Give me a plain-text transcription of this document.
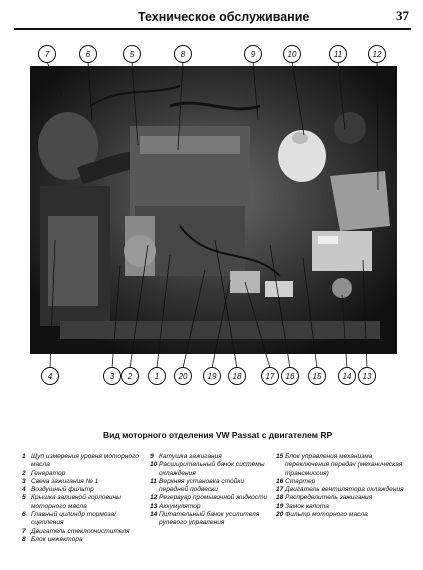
Техническое обслуживание	37
7	6	5	8	9	10	11	12
4	3	2	1	20	19	18	17	16	15	14	13
Вид моторного отделения VW Passat с двигателем RP
1 Щуп измерения уровня моторного масла
2 Генератор
3 Свеча зажигания № 1
4 Воздушный фильтр
5 Крышка заливной горловины моторного масла
6 Главный цилиндр тормоза/сцепления
7 Двигатель стеклоочистителя
8 Блок инжектора
9 Катушка зажигания
10 Расширительный бачок системы охлаждения
11 Верхняя установка стойки передней подвески
12 Резервуар промывочной жидкости
13 Аккумулятор
14 Питательный бачок усилителя рулевого управления
15 Блок управления механизма переключения передач (механическая трансмиссия)
16 Стартер
17 Двигатель вентилятора охлаждения
18 Распределитель зажигания
19 Замок капота
20 Фильтр моторного масла
